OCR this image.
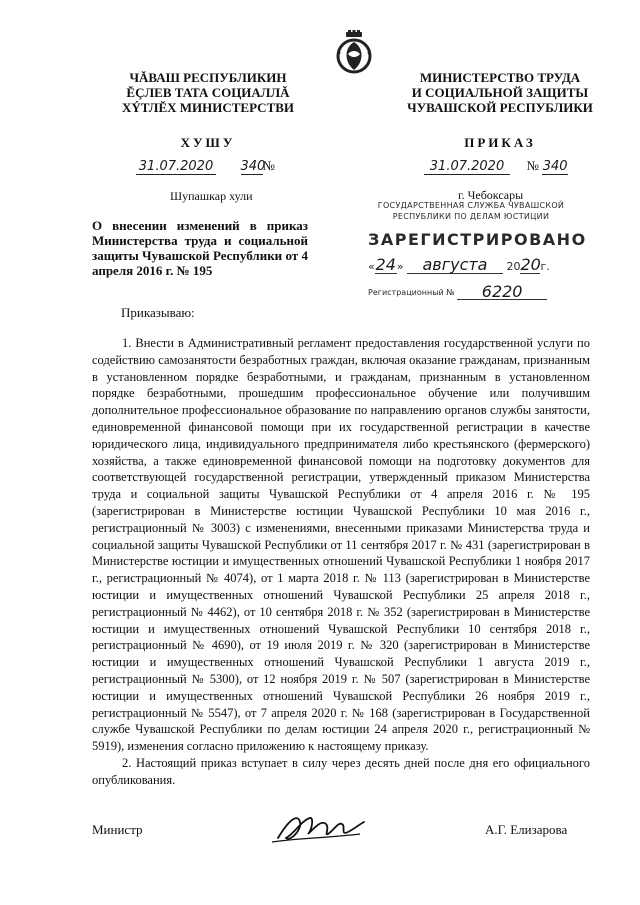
ЧĂВАШ РЕСПУБЛИКИН
ĔÇЛЕВ ТАТА СОЦИАЛЛĂ
ХÝТЛĔХ МИНИСТЕРСТВИ
МИНИСТЕРСТВО ТРУДА
И СОЦИАЛЬНОЙ ЗАЩИТЫ
ЧУВАШСКОЙ РЕСПУБЛИКИ
ХУШУ	ПРИКАЗ
31.07.2020 340№	31.07.2020 № 340
Шупашкар хули	г. Чебоксары
О внесении изменений в приказ Министерства труда и социальной защиты Чувашской Республики от 4 апреля 2016 г. № 195
ГОСУДАРСТВЕННАЯ СЛУЖБА ЧУВАШСКОЙ
РЕСПУБЛИКИ ПО ДЕЛАМ ЮСТИЦИИ
ЗАРЕГИСТРИРОВАНО
«24» августа 2020г.
Регистрационный № 6220
Приказываю:

1. Внести в Административный регламент предоставления государственной услуги по содействию самозанятости безработных граждан, включая оказание гражданам, признанным в установленном порядке безработными, и гражданам, признанным в установленном порядке безработными, прошедшим профессиональное обучение или получившим дополнительное профессиональное образование по направлению органов службы занятости, единовременной финансовой помощи при их государственной регистрации в качестве юридического лица, индивидуального предпринимателя либо крестьянского (фермерского) хозяйства, а также единовременной финансовой помощи на подготовку документов для соответствующей государственной регистрации, утвержденный приказом Министерства труда и социальной защиты Чувашской Республики от 4 апреля 2016 г. № 195 (зарегистрирован в Министерстве юстиции Чувашской Республики 10 мая 2016 г., регистрационный № 3003) с изменениями, внесенными приказами Министерства труда и социальной защиты Чувашской Республики от 11 сентября 2017 г. № 431 (зарегистрирован в Министерстве юстиции и имущественных отношений Чувашской Республики 1 ноября 2017 г., регистрационный № 4074), от 1 марта 2018 г. № 113 (зарегистрирован в Министерстве юстиции и имущественных отношений Чувашской Республики 25 апреля 2018 г., регистрационный № 4462), от 10 сентября 2018 г. № 352 (зарегистрирован в Министерстве юстиции и имущественных отношений Чувашской Республики 10 сентября 2018 г., регистрационный № 4690), от 19 июля 2019 г. № 320 (зарегистрирован в Министерстве юстиции и имущественных отношений Чувашской Республики 1 августа 2019 г., регистрационный № 5300), от 12 ноября 2019 г. № 507 (зарегистрирован в Министерстве юстиции и имущественных отношений Чувашской Республики 26 ноября 2019 г., регистрационный № 5547), от 7 апреля 2020 г. № 168 (зарегистрирован в Государственной службе Чувашской Республики по делам юстиции 24 апреля 2020 г., регистрационный № 5919), изменения согласно приложению к настоящему приказу.

2. Настоящий приказ вступает в силу через десять дней после дня его официального опубликования.

Министр	А.Г. Елизарова
